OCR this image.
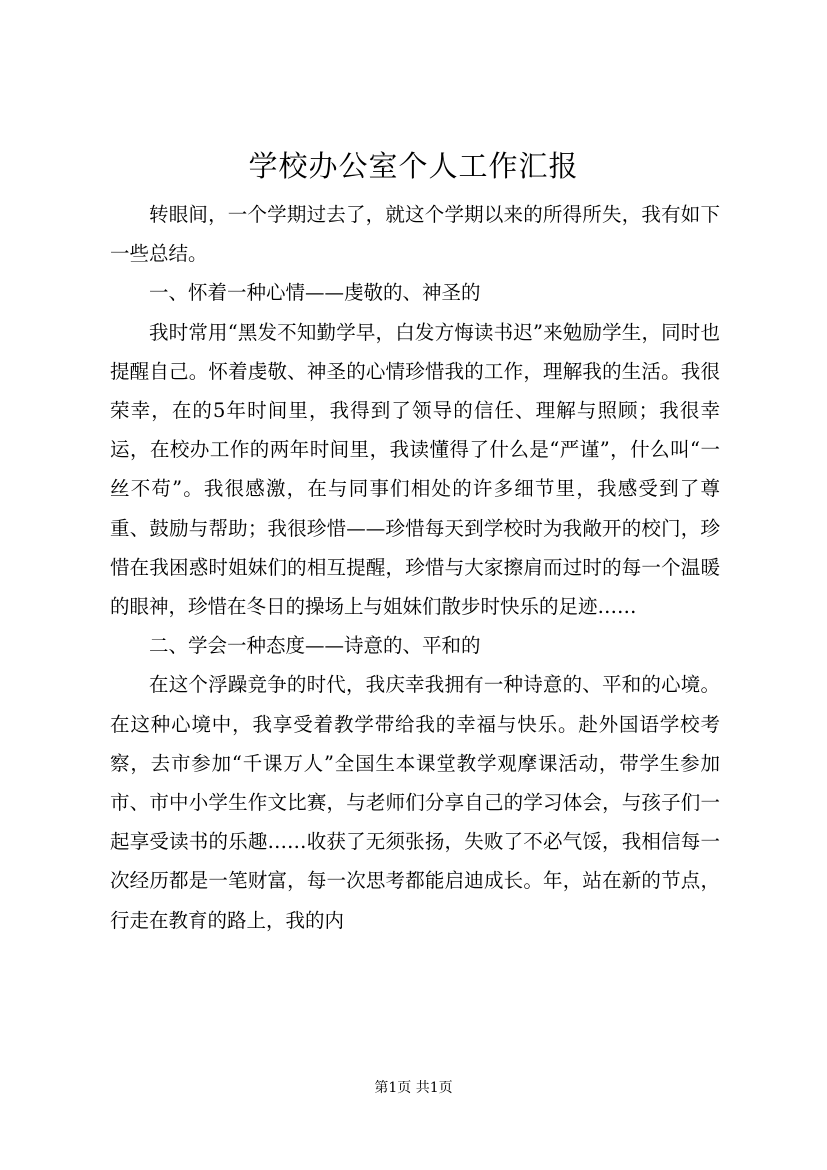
学校办公室个人工作汇报

转眼间，一个学期过去了，就这个学期以来的所得所失，我有如下一些总结。

一、怀着一种心情——虔敬的、神圣的

我时常用“黑发不知勤学早，白发方悔读书迟”来勉励学生，同时也提醒自己。怀着虔敬、神圣的心情珍惜我的工作，理解我的生活。我很荣幸，在的5年时间里，我得到了领导的信任、理解与照顾；我很幸运，在校办工作的两年时间里，我读懂得了什么是“严谨”，什么叫“一丝不苟”。我很感激，在与同事们相处的许多细节里，我感受到了尊重、鼓励与帮助；我很珍惜——珍惜每天到学校时为我敞开的校门，珍惜在我困惑时姐妹们的相互提醒，珍惜与大家擦肩而过时的每一个温暖的眼神，珍惜在冬日的操场上与姐妹们散步时快乐的足迹……

二、学会一种态度——诗意的、平和的

在这个浮躁竞争的时代，我庆幸我拥有一种诗意的、平和的心境。在这种心境中，我享受着教学带给我的幸福与快乐。赴外国语学校考察，去市参加“千课万人”全国生本课堂教学观摩课活动，带学生参加市、市中小学生作文比赛，与老师们分享自己的学习体会，与孩子们一起享受读书的乐趣……收获了无须张扬，失败了不必气馁，我相信每一次经历都是一笔财富，每一次思考都能启迪成长。年，站在新的节点，行走在教育的路上，我的内

第1页 共1页
